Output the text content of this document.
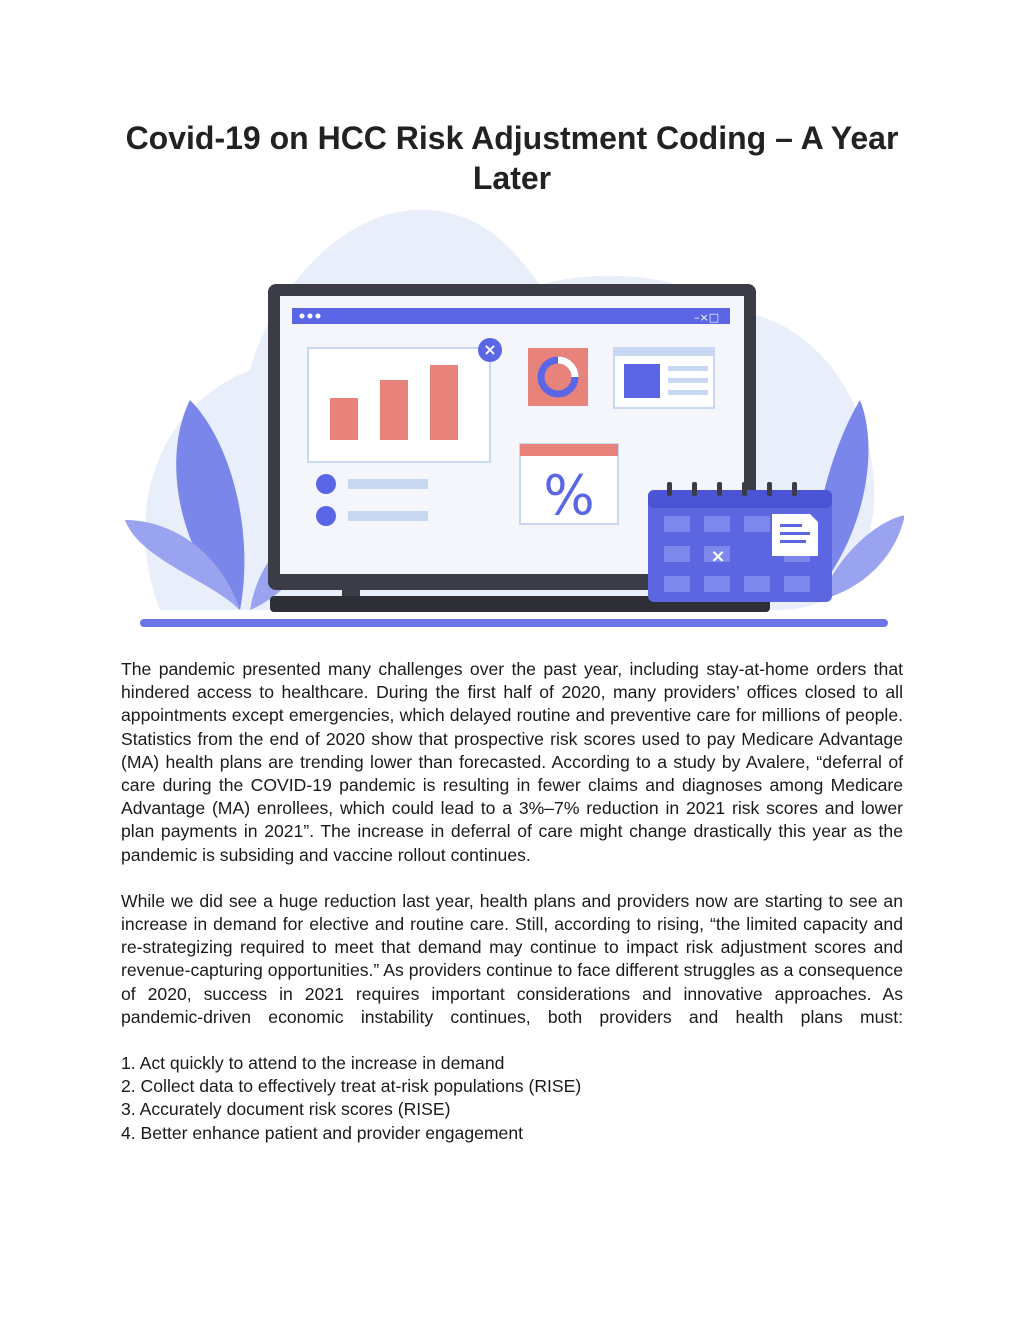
Covid-19 on HCC Risk Adjustment Coding – A Year Later
–×□
×
%
×

The pandemic presented many challenges over the past year, including stay-at-home orders that hindered access to healthcare. During the first half of 2020, many providers’ offices closed to all appointments except emergencies, which delayed routine and preventive care for millions of people. Statistics from the end of 2020 show that prospective risk scores used to pay Medicare Advantage (MA) health plans are trending lower than forecasted. According to a study by Avalere, “deferral of care during the COVID-19 pandemic is resulting in fewer claims and diagnoses among Medicare Advantage (MA) enrollees, which could lead to a 3%–7% reduction in 2021 risk scores and lower plan payments in 2021”. The increase in deferral of care might change drastically this year as the pandemic is subsiding and vaccine rollout continues.

While we did see a huge reduction last year, health plans and providers now are starting to see an increase in demand for elective and routine care. Still, according to rising, “the limited capacity and re-strategizing required to meet that demand may continue to impact risk adjustment scores and revenue-capturing opportunities.” As providers continue to face different struggles as a consequence of 2020, success in 2021 requires important considerations and innovative approaches. As pandemic-driven economic instability continues, both providers and health plans must:

1. Act quickly to attend to the increase in demand
2. Collect data to effectively treat at-risk populations (RISE)
3. Accurately document risk scores (RISE)
4. Better enhance patient and provider engagement
